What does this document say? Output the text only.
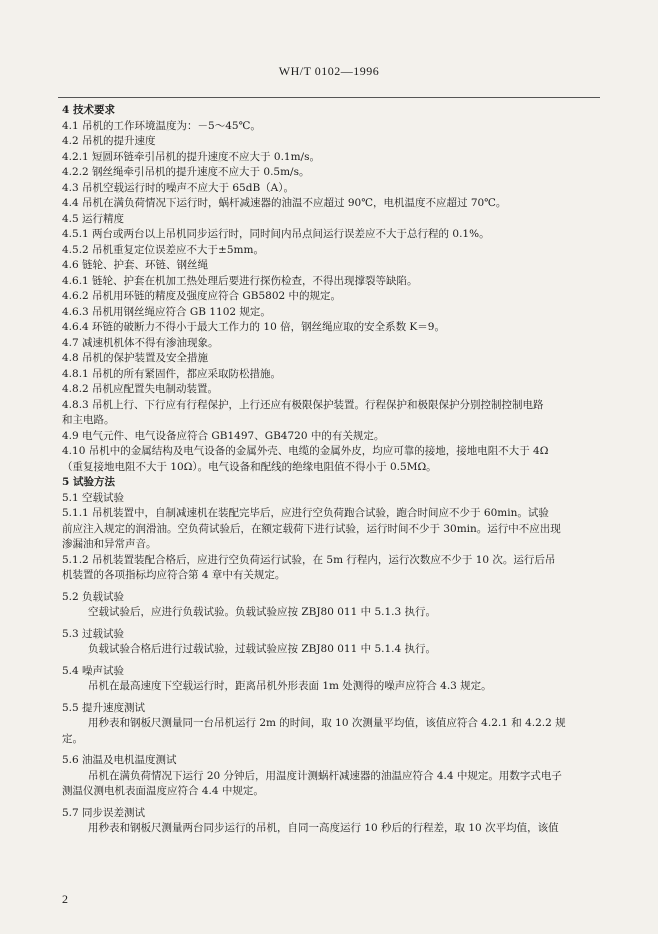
WH/T 0102—1996
4 技术要求
4.1 吊机的工作环境温度为：－5～45℃。
4.2 吊机的提升速度
4.2.1 短圆环链牵引吊机的提升速度不应大于 0.1m/s。
4.2.2 钢丝绳牵引吊机的提升速度不应大于 0.5m/s。
4.3 吊机空载运行时的噪声不应大于 65dB（A）。
4.4 吊机在满负荷情况下运行时，蜗杆减速器的油温不应超过 90℃，电机温度不应超过 70℃。
4.5 运行精度
4.5.1 两台或两台以上吊机同步运行时，同时间内吊点间运行误差应不大于总行程的 0.1%。
4.5.2 吊机重复定位误差应不大于±5mm。
4.6 链轮、护套、环链、钢丝绳
4.6.1 链轮、护套在机加工热处理后要进行探伤检查，不得出现撑裂等缺陷。
4.6.2 吊机用环链的精度及强度应符合 GB5802 中的规定。
4.6.3 吊机用钢丝绳应符合 GB 1102 规定。
4.6.4 环链的破断力不得小于最大工作力的 10 倍，钢丝绳应取的安全系数 K＝9。
4.7 减速机机体不得有渗油现象。
4.8 吊机的保护装置及安全措施
4.8.1 吊机的所有紧固件，都应采取防松措施。
4.8.2 吊机应配置失电制动装置。
4.8.3 吊机上行、下行应有行程保护，上行还应有极限保护装置。行程保护和极限保护分别控制控制电路
和主电路。
4.9 电气元件、电气设备应符合 GB1497、GB4720 中的有关规定。
4.10 吊机中的金属结构及电气设备的金属外壳、电缆的金属外皮，均应可靠的接地，接地电阻不大于 4Ω
（重复接地电阻不大于 10Ω）。电气设备和配线的绝缘电阻值不得小于 0.5MΩ。
5 试验方法
5.1 空载试验
5.1.1 吊机装置中，自制减速机在装配完毕后，应进行空负荷跑合试验，跑合时间应不少于 60min。试验
前应注入规定的润滑油。空负荷试验后，在额定载荷下进行试验，运行时间不少于 30min。运行中不应出现
渗漏油和异常声音。
5.1.2 吊机装置装配合格后，应进行空负荷运行试验，在 5m 行程内，运行次数应不少于 10 次。运行后吊
机装置的各项指标均应符合第 4 章中有关规定。
5.2 负载试验
空载试验后，应进行负载试验。负载试验应按 ZBJ80 011 中 5.1.3 执行。
5.3 过载试验
负载试验合格后进行过载试验，过载试验应按 ZBJ80 011 中 5.1.4 执行。
5.4 噪声试验
吊机在最高速度下空载运行时，距离吊机外形表面 1m 处测得的噪声应符合 4.3 规定。
5.5 提升速度测试
用秒表和钢板尺测量同一台吊机运行 2m 的时间，取 10 次测量平均值，该值应符合 4.2.1 和 4.2.2 规
定。
5.6 油温及电机温度测试
吊机在满负荷情况下运行 20 分钟后，用温度计测蜗杆减速器的油温应符合 4.4 中规定。用数字式电子
测温仪测电机表面温度应符合 4.4 中规定。
5.7 同步误差测试
用秒表和钢板尺测量两台同步运行的吊机，自同一高度运行 10 秒后的行程差，取 10 次平均值，该值
2
